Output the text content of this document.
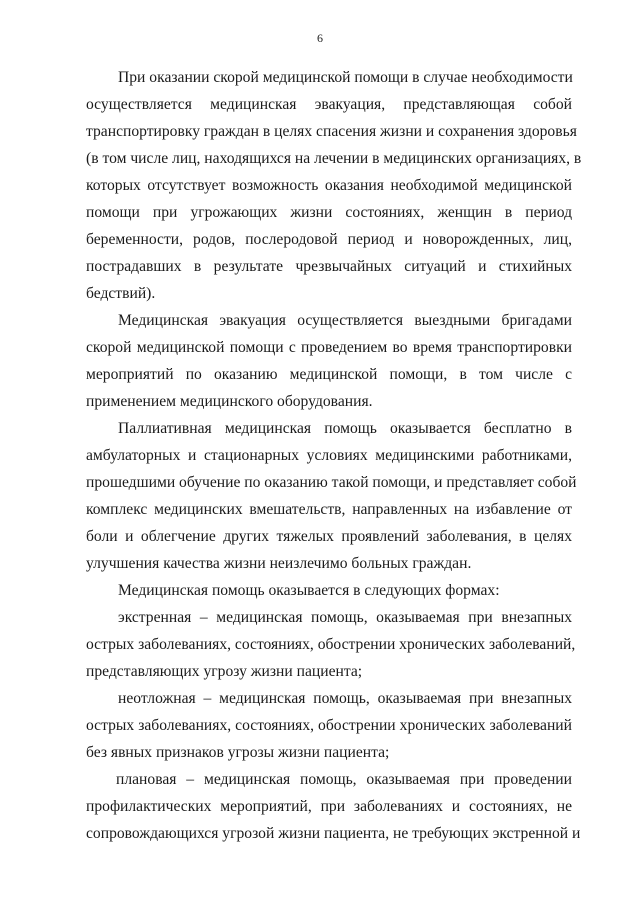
6
При оказании скорой медицинской помощи в случае необходимости
осуществляется медицинская эвакуация, представляющая собой
транспортировку граждан в целях спасения жизни и сохранения здоровья
(в том числе лиц, находящихся на лечении в медицинских организациях, в
которых отсутствует возможность оказания необходимой медицинской
помощи при угрожающих жизни состояниях, женщин в период
беременности, родов, послеродовой период и новорожденных, лиц,
пострадавших в результате чрезвычайных ситуаций и стихийных
бедствий).
Медицинская эвакуация осуществляется выездными бригадами
скорой медицинской помощи с проведением во время транспортировки
мероприятий по оказанию медицинской помощи, в том числе с
применением медицинского оборудования.
Паллиативная медицинская помощь оказывается бесплатно в
амбулаторных и стационарных условиях медицинскими работниками,
прошедшими обучение по оказанию такой помощи, и представляет собой
комплекс медицинских вмешательств, направленных на избавление от
боли и облегчение других тяжелых проявлений заболевания, в целях
улучшения качества жизни неизлечимо больных граждан.
Медицинская помощь оказывается в следующих формах:
экстренная – медицинская помощь, оказываемая при внезапных
острых заболеваниях, состояниях, обострении хронических заболеваний,
представляющих угрозу жизни пациента;
неотложная – медицинская помощь, оказываемая при внезапных
острых заболеваниях, состояниях, обострении хронических заболеваний
без явных признаков угрозы жизни пациента;
плановая – медицинская помощь, оказываемая при проведении
профилактических мероприятий, при заболеваниях и состояниях, не
сопровождающихся угрозой жизни пациента, не требующих экстренной и
